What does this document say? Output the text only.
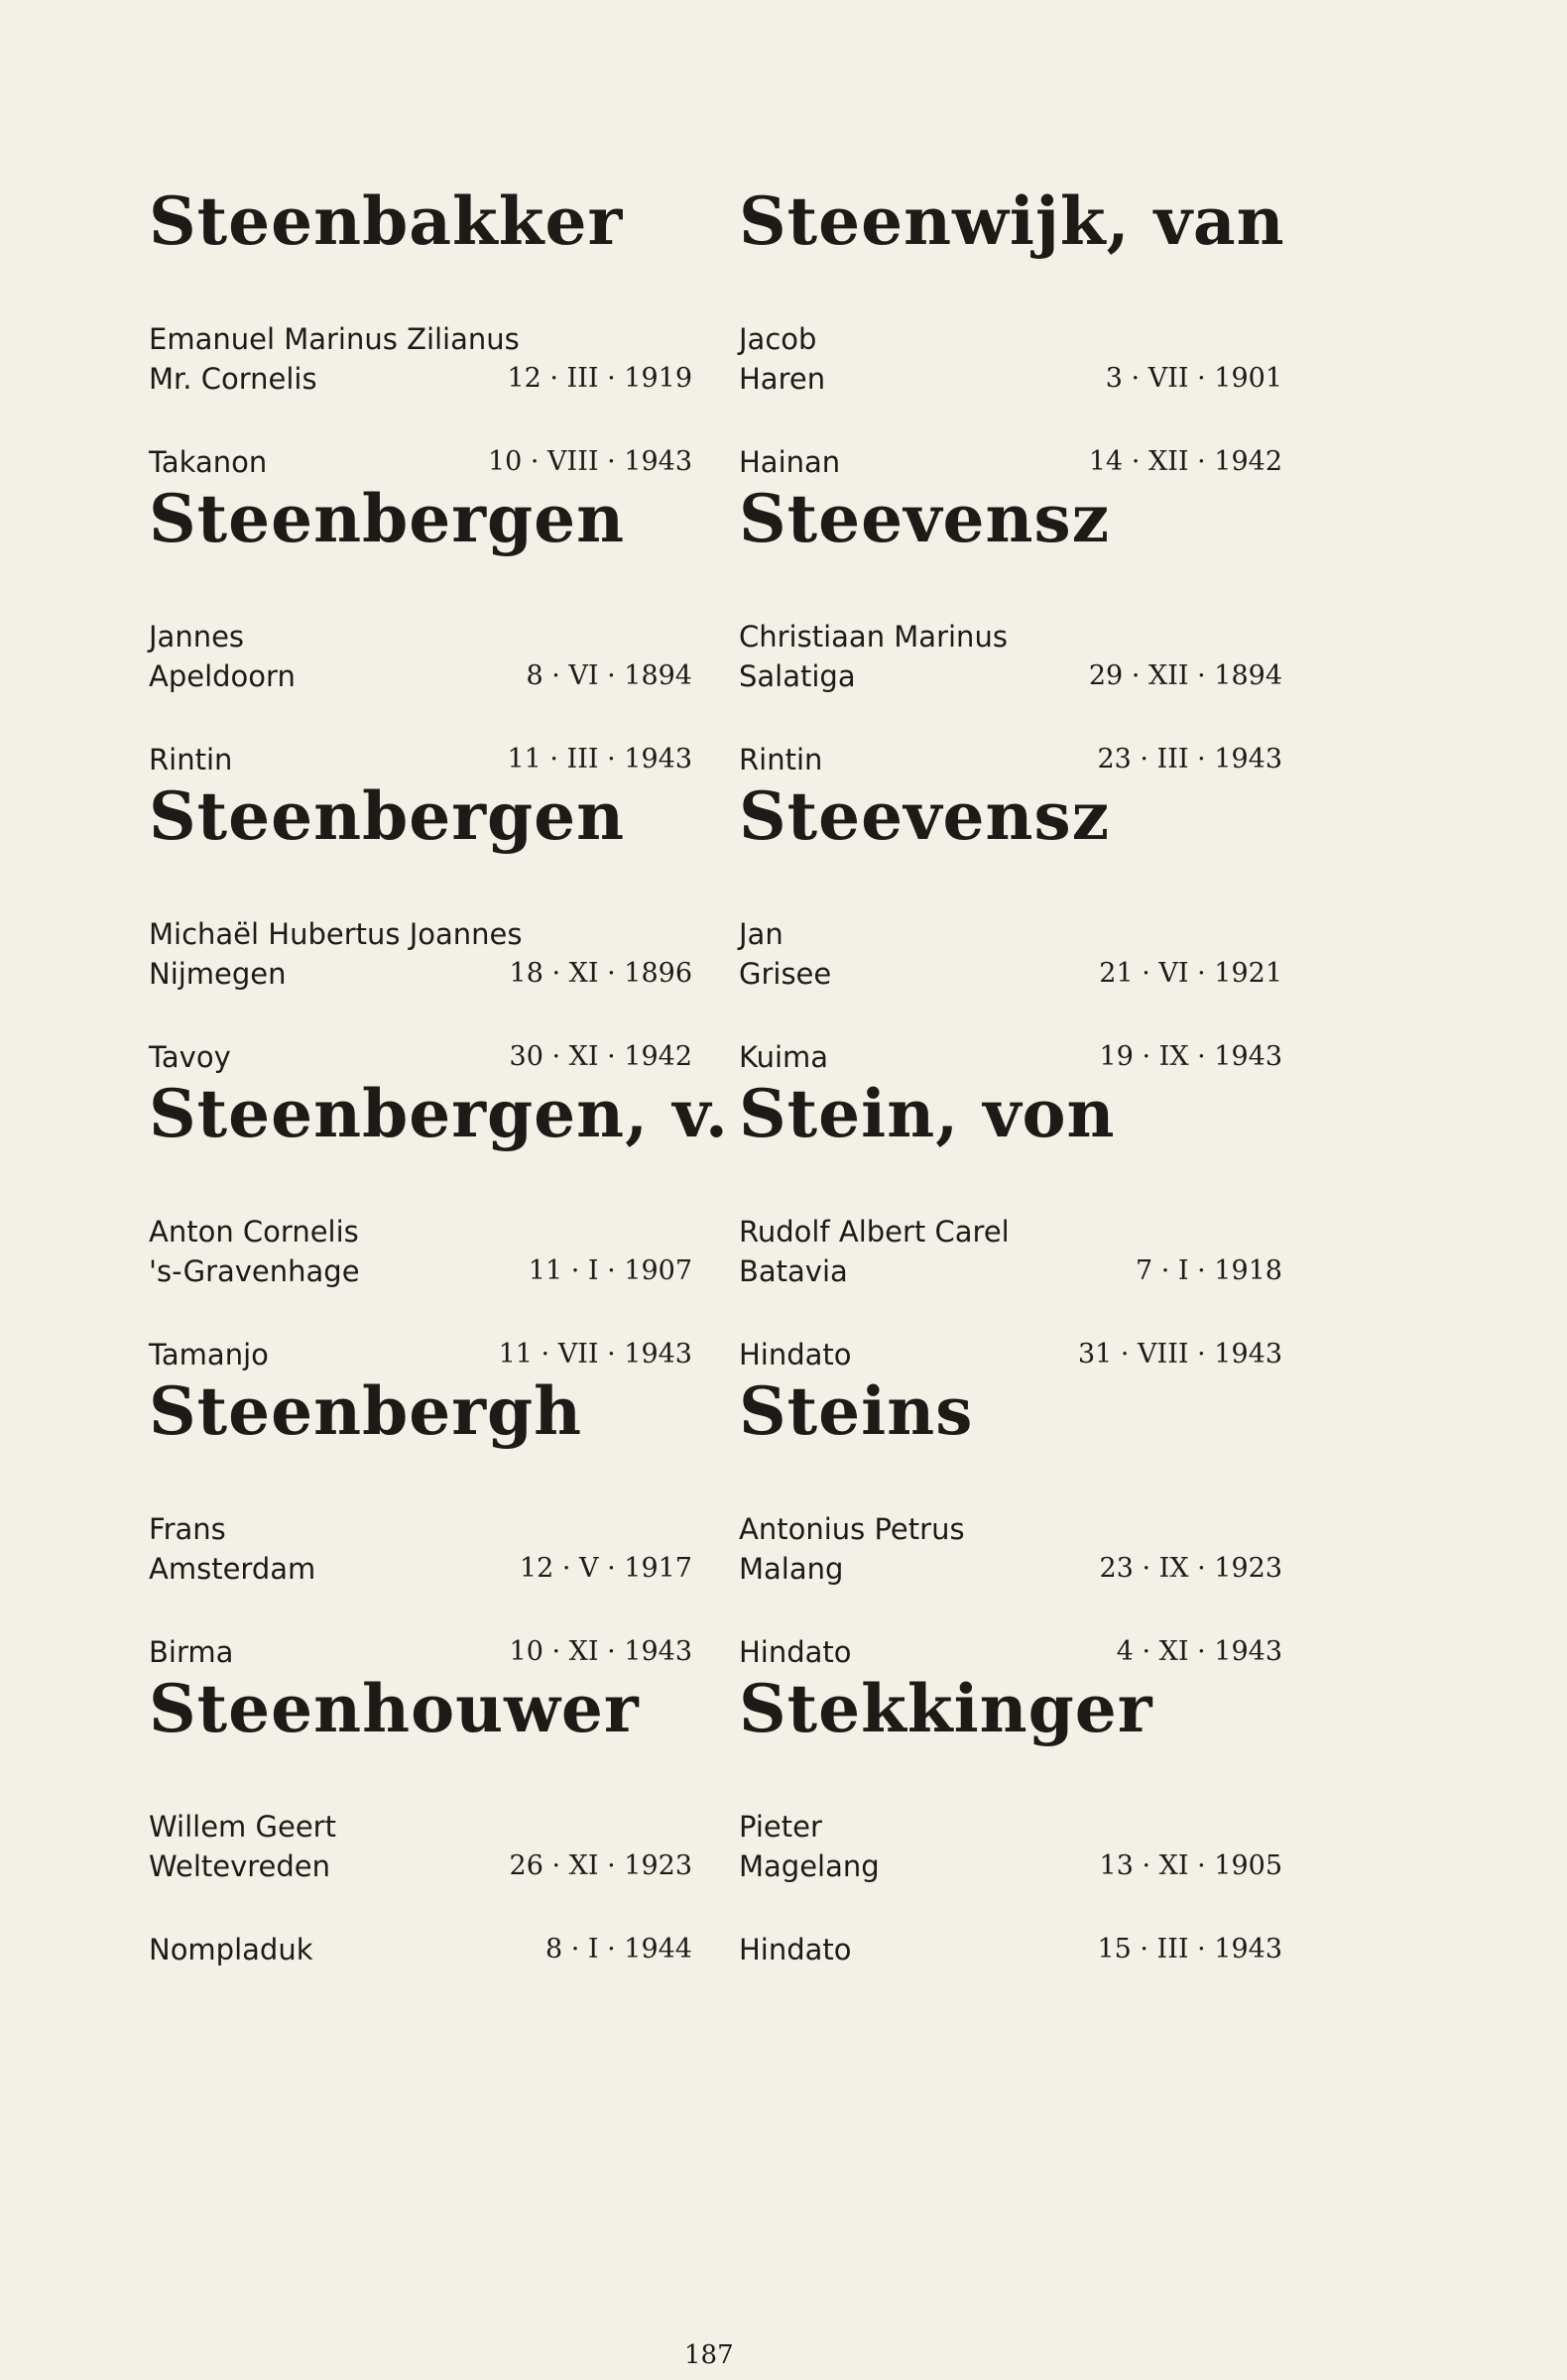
Steenbakker
Emanuel Marinus Zilianus
Mr. Cornelis	12 · III · 1919
Takanon	10 · VIII · 1943
Steenbergen
Jannes
Apeldoorn	8 · VI · 1894
Rintin	11 · III · 1943
Steenbergen
Michaël Hubertus Joannes
Nijmegen	18 · XI · 1896
Tavoy	30 · XI · 1942
Steenbergen, v.
Anton Cornelis
's-Gravenhage	11 · I · 1907
Tamanjo	11 · VII · 1943
Steenbergh
Frans
Amsterdam	12 · V · 1917
Birma	10 · XI · 1943
Steenhouwer
Willem Geert
Weltevreden	26 · XI · 1923
Nompladuk	8 · I · 1944
Steenwijk, van
Jacob
Haren	3 · VII · 1901
Hainan	14 · XII · 1942
Steevensz
Christiaan Marinus
Salatiga	29 · XII · 1894
Rintin	23 · III · 1943
Steevensz
Jan
Grisee	21 · VI · 1921
Kuima	19 · IX · 1943
Stein, von
Rudolf Albert Carel
Batavia	7 · I · 1918
Hindato	31 · VIII · 1943
Steins
Antonius Petrus
Malang	23 · IX · 1923
Hindato	4 · XI · 1943
Stekkinger
Pieter
Magelang	13 · XI · 1905
Hindato	15 · III · 1943
187
